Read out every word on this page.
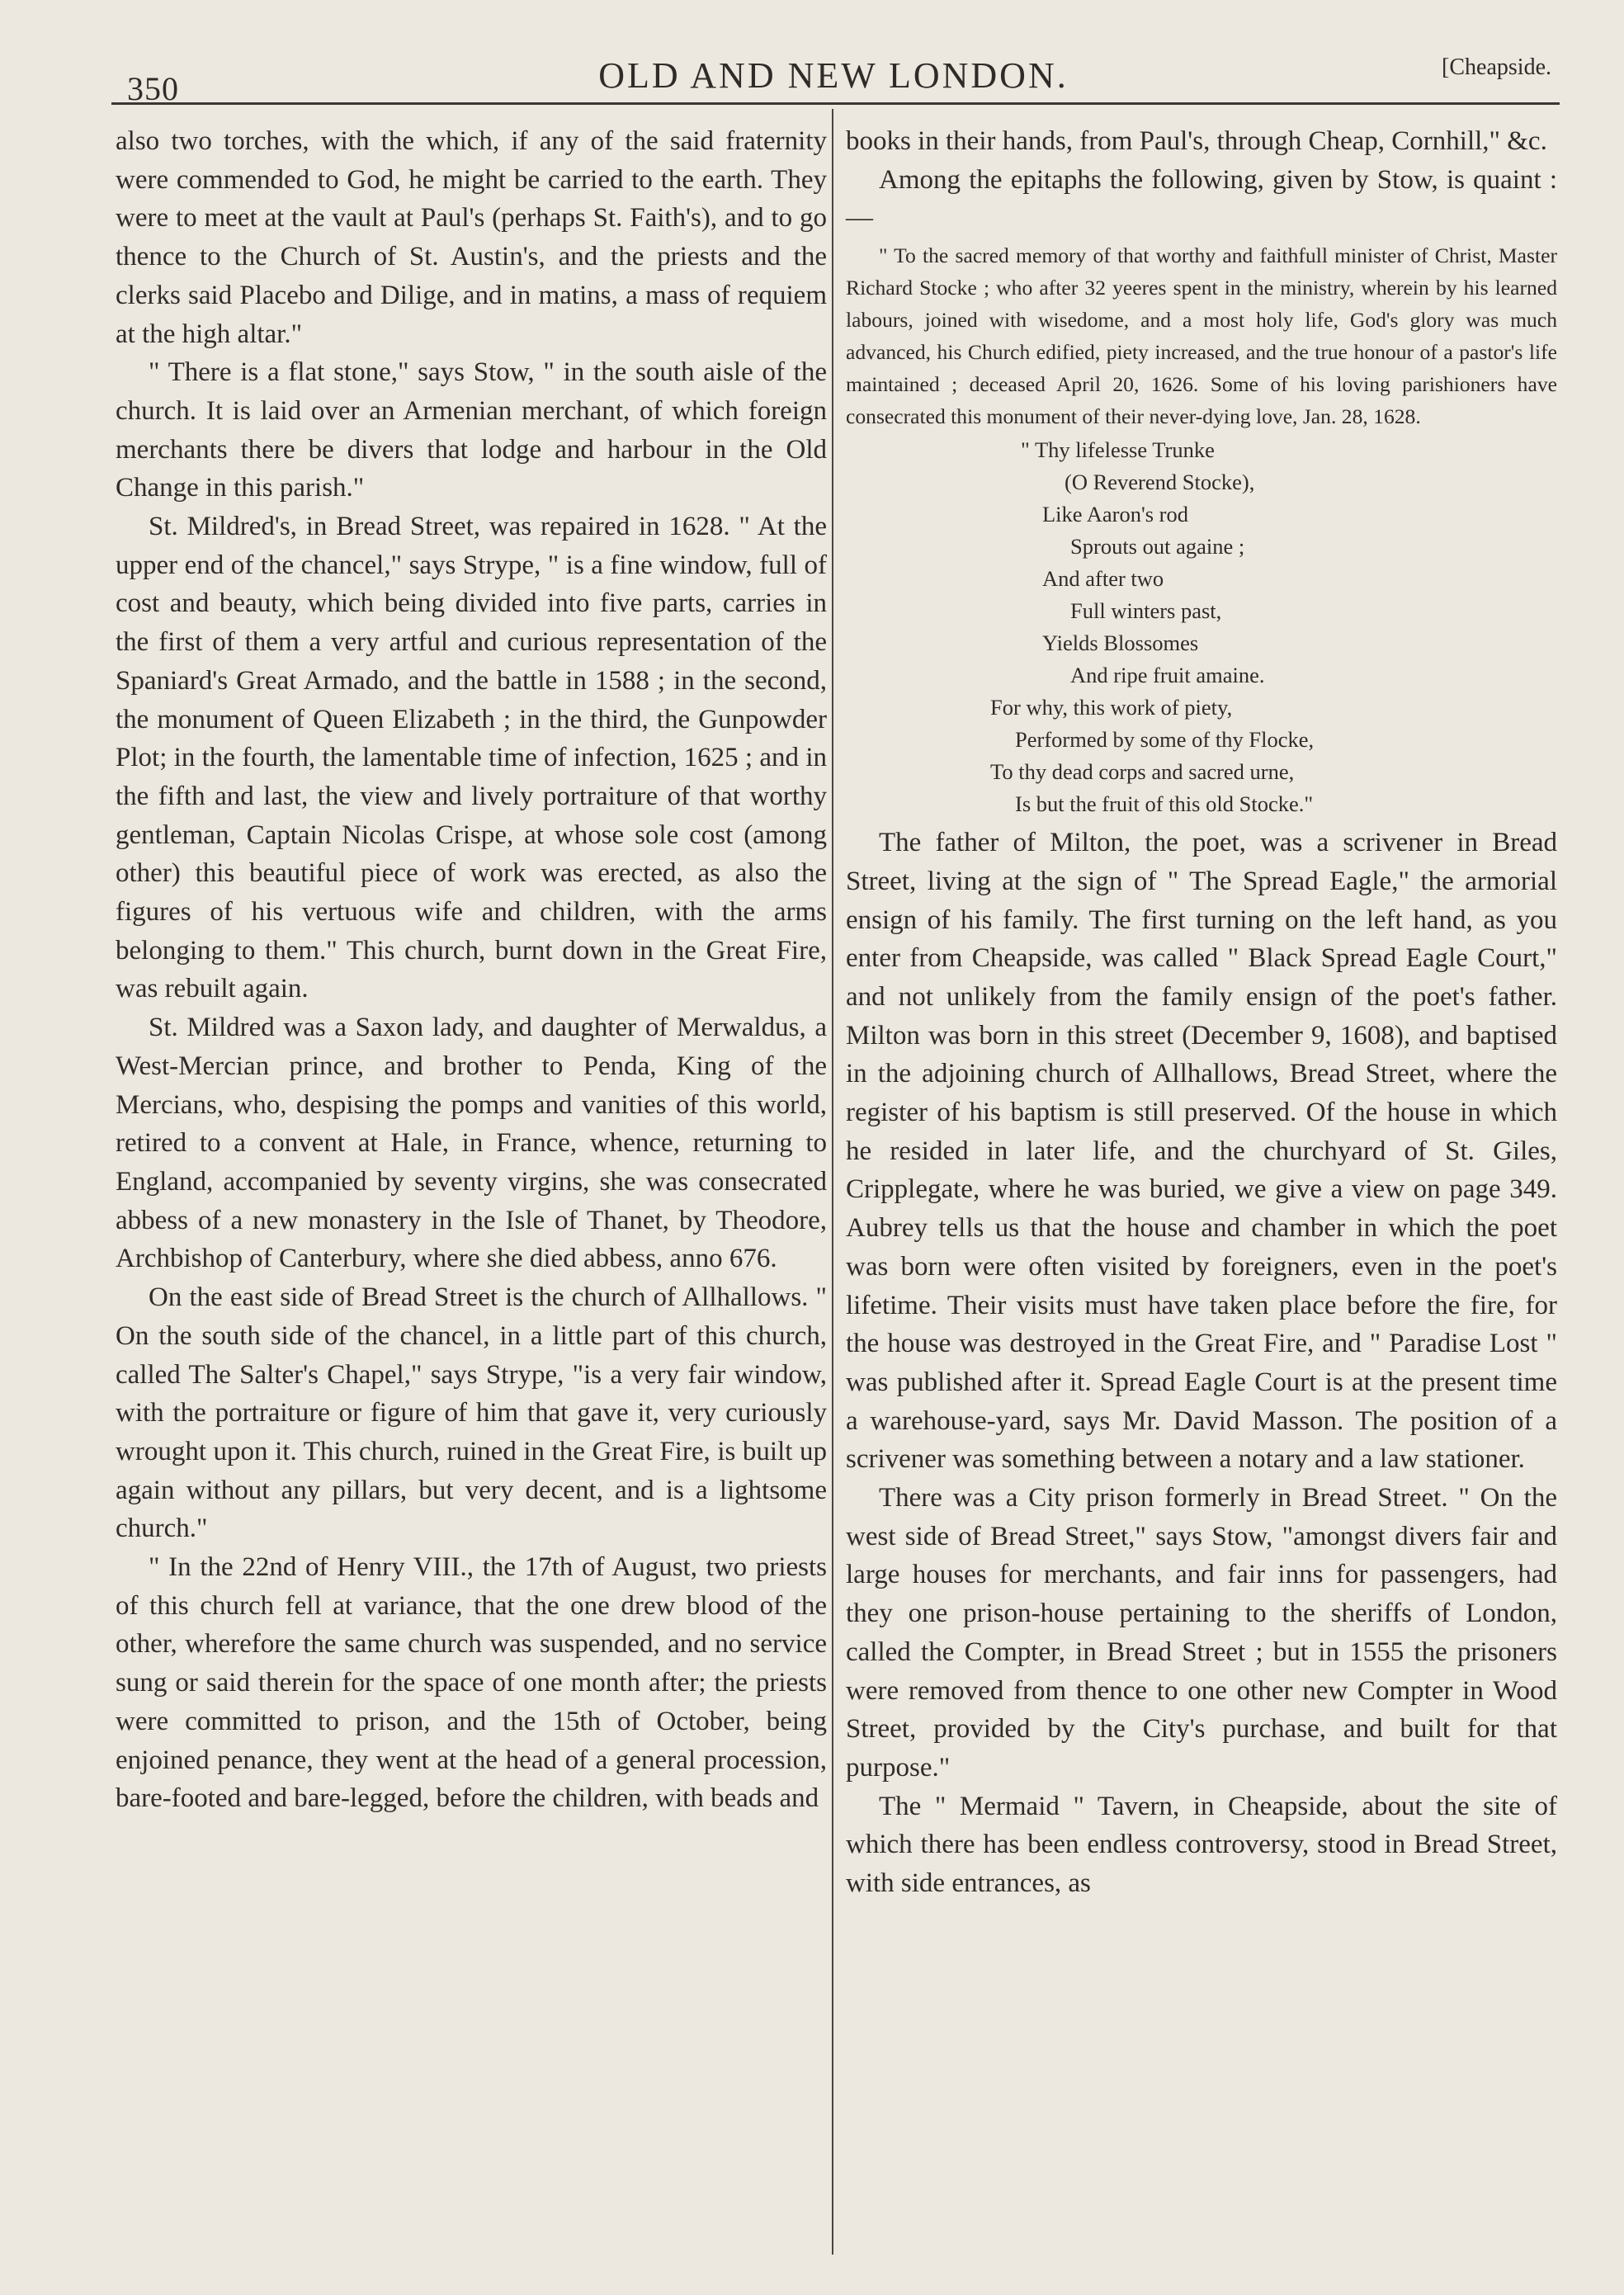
350	OLD AND NEW LONDON.	[Cheapside.

also two torches, with the which, if any of the said fraternity were commended to God, he might be carried to the earth. They were to meet at the vault at Paul's (perhaps St. Faith's), and to go thence to the Church of St. Austin's, and the priests and the clerks said Placebo and Dilige, and in matins, a mass of requiem at the high altar."

" There is a flat stone," says Stow, " in the south aisle of the church. It is laid over an Armenian merchant, of which foreign merchants there be divers that lodge and harbour in the Old Change in this parish."

St. Mildred's, in Bread Street, was repaired in 1628. " At the upper end of the chancel," says Strype, " is a fine window, full of cost and beauty, which being divided into five parts, carries in the first of them a very artful and curious representation of the Spaniard's Great Armado, and the battle in 1588 ; in the second, the monument of Queen Elizabeth ; in the third, the Gunpowder Plot; in the fourth, the lamentable time of infection, 1625 ; and in the fifth and last, the view and lively portraiture of that worthy gentleman, Captain Nicolas Crispe, at whose sole cost (among other) this beautiful piece of work was erected, as also the figures of his vertuous wife and children, with the arms belonging to them." This church, burnt down in the Great Fire, was rebuilt again.

St. Mildred was a Saxon lady, and daughter of Merwaldus, a West-Mercian prince, and brother to Penda, King of the Mercians, who, despising the pomps and vanities of this world, retired to a convent at Hale, in France, whence, returning to England, accompanied by seventy virgins, she was consecrated abbess of a new monastery in the Isle of Thanet, by Theodore, Archbishop of Canterbury, where she died abbess, anno 676.

On the east side of Bread Street is the church of Allhallows. " On the south side of the chancel, in a little part of this church, called The Salter's Chapel," says Strype, "is a very fair window, with the portraiture or figure of him that gave it, very curiously wrought upon it. This church, ruined in the Great Fire, is built up again without any pillars, but very decent, and is a lightsome church."

" In the 22nd of Henry VIII., the 17th of August, two priests of this church fell at variance, that the one drew blood of the other, wherefore the same church was suspended, and no service sung or said therein for the space of one month after; the priests were committed to prison, and the 15th of October, being enjoined penance, they went at the head of a general procession, bare-footed and bare-legged, before the children, with beads and

books in their hands, from Paul's, through Cheap, Cornhill," &c.

Among the epitaphs the following, given by Stow, is quaint :—

" To the sacred memory of that worthy and faithfull minister of Christ, Master Richard Stocke ; who after 32 yeeres spent in the ministry, wherein by his learned labours, joined with wisedome, and a most holy life, God's glory was much advanced, his Church edified, piety increased, and the true honour of a pastor's life maintained ; deceased April 20, 1626. Some of his loving parishioners have consecrated this monument of their never-dying love, Jan. 28, 1628.

" Thy lifelesse Trunke
(O Reverend Stocke),
Like Aaron's rod
Sprouts out againe ;
And after two
Full winters past,
Yields Blossomes
And ripe fruit amaine.
For why, this work of piety,
Performed by some of thy Flocke,
To thy dead corps and sacred urne,
Is but the fruit of this old Stocke."

The father of Milton, the poet, was a scrivener in Bread Street, living at the sign of " The Spread Eagle," the armorial ensign of his family. The first turning on the left hand, as you enter from Cheapside, was called " Black Spread Eagle Court," and not unlikely from the family ensign of the poet's father. Milton was born in this street (December 9, 1608), and baptised in the adjoining church of Allhallows, Bread Street, where the register of his baptism is still preserved. Of the house in which he resided in later life, and the churchyard of St. Giles, Cripplegate, where he was buried, we give a view on page 349. Aubrey tells us that the house and chamber in which the poet was born were often visited by foreigners, even in the poet's lifetime. Their visits must have taken place before the fire, for the house was destroyed in the Great Fire, and " Paradise Lost " was published after it. Spread Eagle Court is at the present time a warehouse-yard, says Mr. David Masson. The position of a scrivener was something between a notary and a law stationer.

There was a City prison formerly in Bread Street. " On the west side of Bread Street," says Stow, "amongst divers fair and large houses for merchants, and fair inns for passengers, had they one prison-house pertaining to the sheriffs of London, called the Compter, in Bread Street ; but in 1555 the prisoners were removed from thence to one other new Compter in Wood Street, provided by the City's purchase, and built for that purpose."

The " Mermaid " Tavern, in Cheapside, about the site of which there has been endless controversy, stood in Bread Street, with side entrances, as
